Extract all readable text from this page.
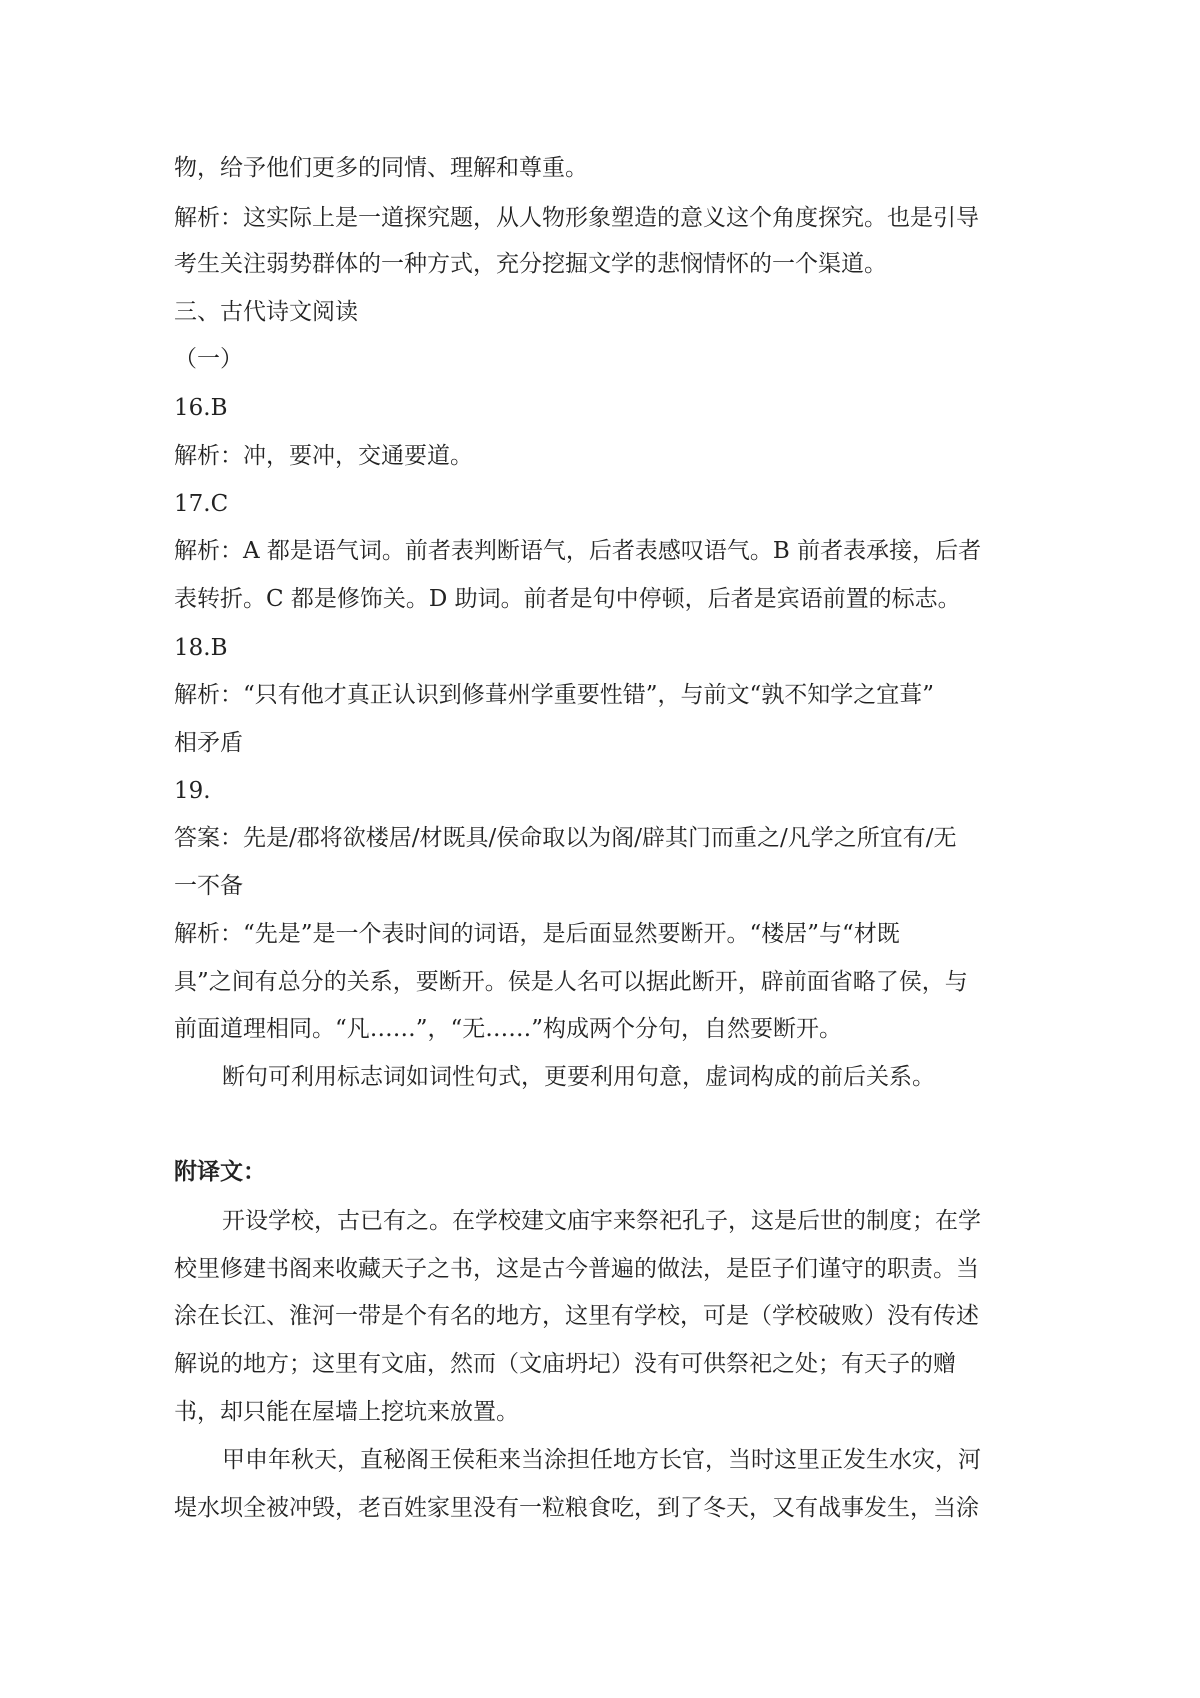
物，给予他们更多的同情、理解和尊重。
解析：这实际上是一道探究题，从人物形象塑造的意义这个角度探究。也是引导
考生关注弱势群体的一种方式，充分挖掘文学的悲悯情怀的一个渠道。
三、古代诗文阅读
（一）
16.B
解析：冲，要冲，交通要道。
17.C
解析：A 都是语气词。前者表判断语气，后者表感叹语气。B 前者表承接，后者
表转折。C 都是修饰关。D 助词。前者是句中停顿，后者是宾语前置的标志。
18.B
解析：“只有他才真正认识到修葺州学重要性错”，与前文“孰不知学之宜葺”
相矛盾
19.
答案：先是/郡将欲楼居/材既具/侯命取以为阁/辟其门而重之/凡学之所宜有/无
一不备
解析：“先是”是一个表时间的词语，是后面显然要断开。“楼居”与“材既
具”之间有总分的关系，要断开。侯是人名可以据此断开，辟前面省略了侯，与
前面道理相同。“凡……”，“无……”构成两个分句，自然要断开。
断句可利用标志词如词性句式，更要利用句意，虚词构成的前后关系。
附译文：
开设学校，古已有之。在学校建文庙宇来祭祀孔子，这是后世的制度；在学
校里修建书阁来收藏天子之书，这是古今普遍的做法，是臣子们谨守的职责。当
涂在长江、淮河一带是个有名的地方，这里有学校，可是（学校破败）没有传述
解说的地方；这里有文庙，然而（文庙坍圮）没有可供祭祀之处；有天子的赠
书，却只能在屋墙上挖坑来放置。
甲申年秋天，直秘阁王侯秬来当涂担任地方长官，当时这里正发生水灾，河
堤水坝全被冲毁，老百姓家里没有一粒粮食吃，到了冬天，又有战事发生，当涂
